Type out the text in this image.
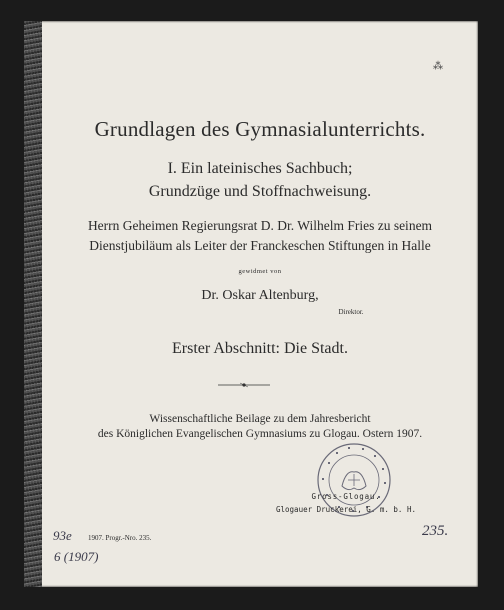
⁂
Grundlagen des Gymnasialunterrichts.
I. Ein lateinisches Sachbuch;
Grundzüge und Stoffnachweisung.
Herrn Geheimen Regierungsrat D. Dr. Wilhelm Fries zu seinem
Dienstjubiläum als Leiter der Franckeschen Stiftungen in Halle
gewidmet von
Dr. Oskar Altenburg,
Direktor.
Erster Abschnitt: Die Stadt.
Wissenschaftliche Beilage zu dem Jahresbericht
des Königlichen Evangelischen Gymnasiums zu Glogau. Ostern 1907.
Gross-Glogau.
Glogauer Druckerei, G. m. b. H.
1907. Progr.-Nro. 235.
93e
6 (1907)
235.
